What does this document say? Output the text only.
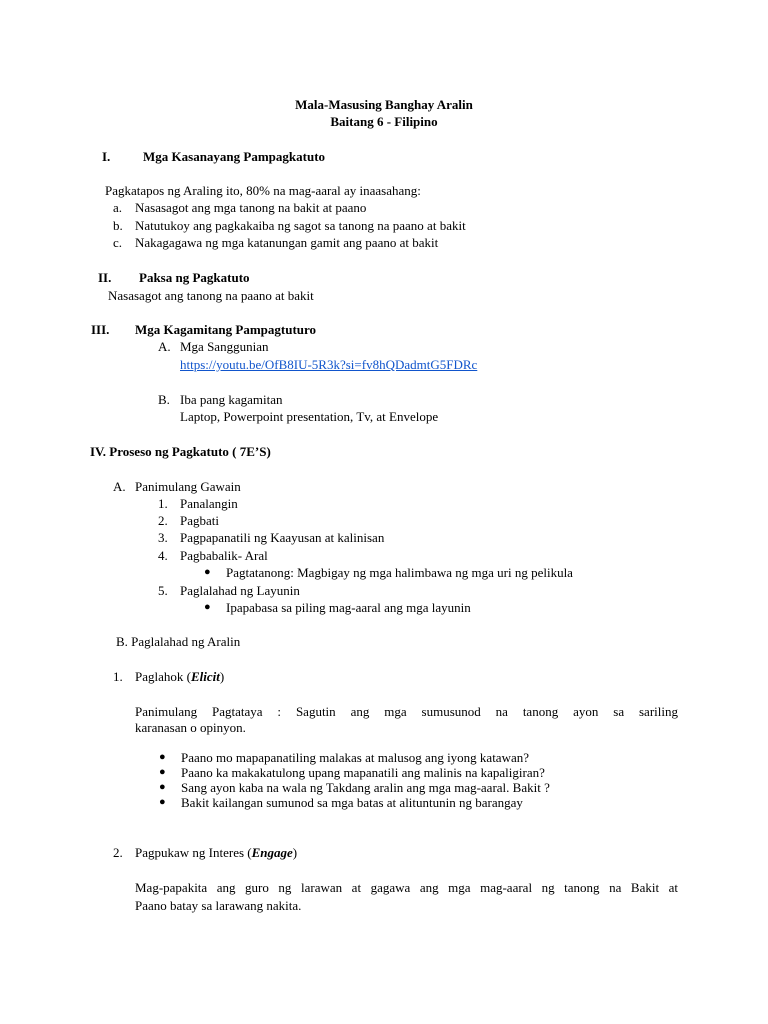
Mala-Masusing Banghay Aralin
Baitang 6 - Filipino
I.	Mga Kasanayang Pampagkatuto
Pagkatapos ng Araling ito, 80% na mag-aaral ay inaasahang:
a. Nasasagot ang mga tanong na bakit at paano
b. Natutukoy ang pagkakaiba ng sagot sa tanong na paano at bakit
c. Nakagagawa ng mga katanungan gamit ang paano at bakit
II. Paksa ng Pagkatuto
Nasasagot ang tanong na paano at bakit
III. Mga Kagamitang Pampagtuturo
A. Mga Sanggunian
https://youtu.be/OfB8IU-5R3k?si=fv8hQDadmtG5FDRc
B. Iba pang kagamitan
Laptop, Powerpoint presentation, Tv, at Envelope
IV. Proseso ng Pagkatuto ( 7E’S)
A. Panimulang Gawain
1. Panalangin
2. Pagbati
3. Pagpapanatili ng Kaayusan at kalinisan
4. Pagbabalik- Aral
● Pagtatanong: Magbigay ng mga halimbawa ng mga uri ng pelikula
5. Paglalahad ng Layunin
● Ipapabasa sa piling mag-aaral ang mga layunin
B. Paglalahad ng Aralin
1. Paglahok (Elicit)
Panimulang Pagtataya : Sagutin ang mga sumusunod na tanong ayon sa sariling
karanasan o opinyon.
● Paano mo mapapanatiling malakas at malusog ang iyong katawan?
● Paano ka makakatulong upang mapanatili ang malinis na kapaligiran?
● Sang ayon kaba na wala ng Takdang aralin ang mga mag-aaral. Bakit ?
● Bakit kailangan sumunod sa mga batas at alituntunin ng barangay
2. Pagpukaw ng Interes (Engage)
Mag-papakita ang guro ng larawan at gagawa ang mga mag-aaral ng tanong na Bakit at
Paano batay sa larawang nakita.
